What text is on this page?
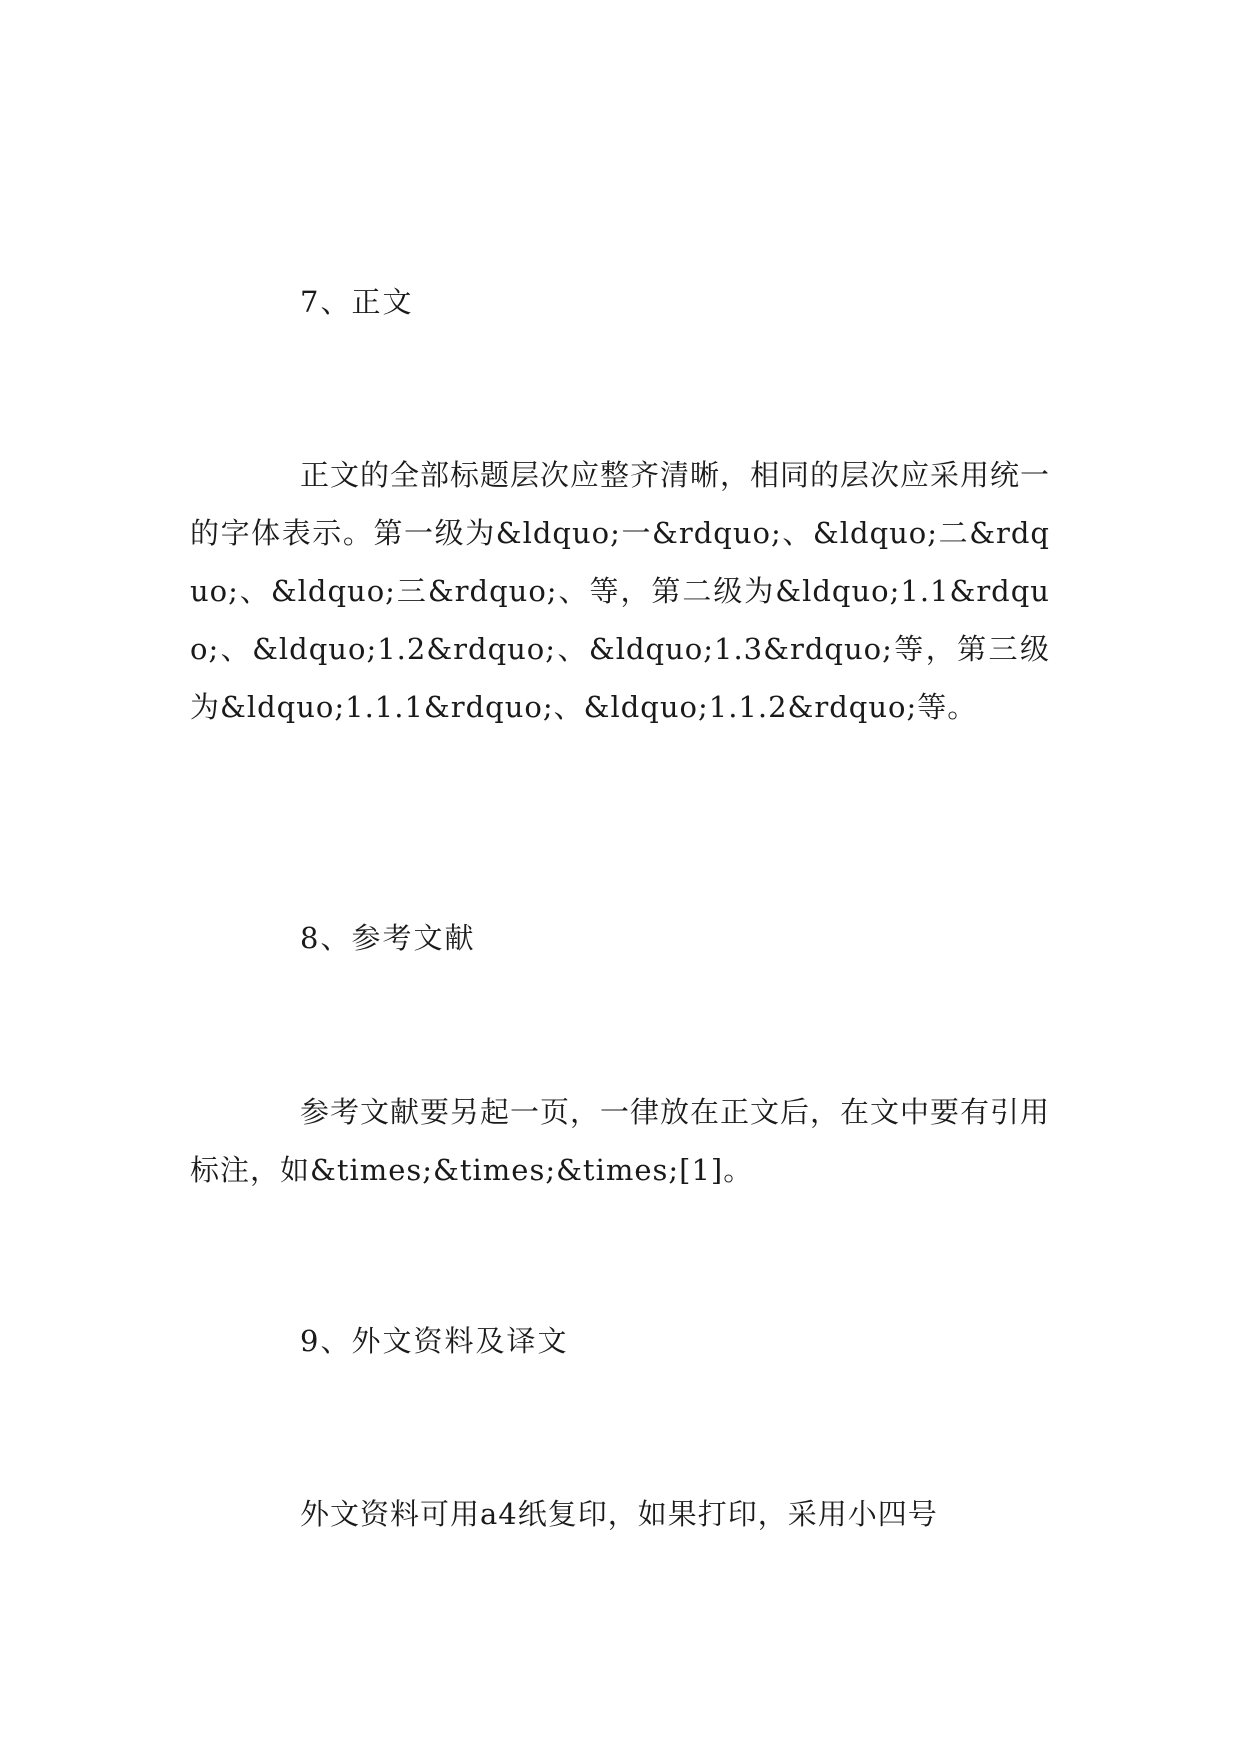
7、正文
正文的全部标题层次应整齐清晰，相同的层次应采用统一的字体表示。第一级为&ldquo;一&rdquo;、&ldquo;二&rdquo;、&ldquo;三&rdquo;、等，第二级为&ldquo;1.1&rdquo;、&ldquo;1.2&rdquo;、&ldquo;1.3&rdquo;等，第三级为&ldquo;1.1.1&rdquo;、&ldquo;1.1.2&rdquo;等。
8、参考文献
参考文献要另起一页，一律放在正文后，在文中要有引用标注，如&times;&times;&times;[1]。
9、外文资料及译文
外文资料可用a4纸复印，如果打印，采用小四号
